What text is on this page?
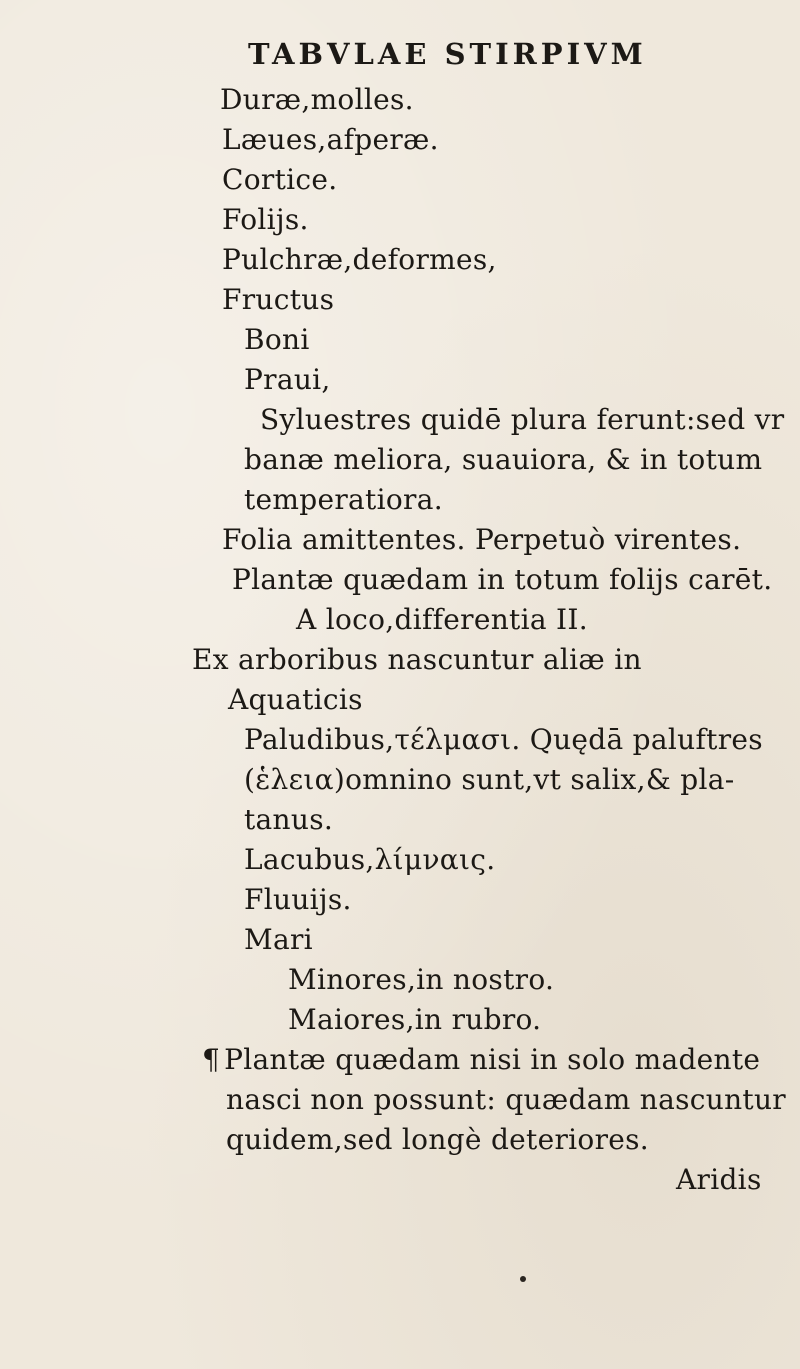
TABVLAE STIRPIVM
Duræ,molles.
Læues,afperæ.
Cortice.
Folijs.
Pulchræ,deformes,
Fructus
Boni
Praui,
Syluestres quidē plura ferunt:sed vr
banæ meliora, suauiora, & in totum
temperatiora.
Folia amittentes. Perpetuò virentes.
Plantæ quædam in totum folijs carēt.
A loco,differentia II.
Ex arboribus nascuntur aliæ in
Aquaticis
Paludibus,τέλμασι. Quędā paluftres
(ἑλεια)omnino sunt,vt salix,& pla-
tanus.
Lacubus,λίμναις.
Fluuijs.
Mari
Minores,in nostro.
Maiores,in rubro.
¶ Plantæ quædam nisi in solo madente
nasci non possunt: quædam nascuntur
quidem,sed longè deteriores.
Aridis
